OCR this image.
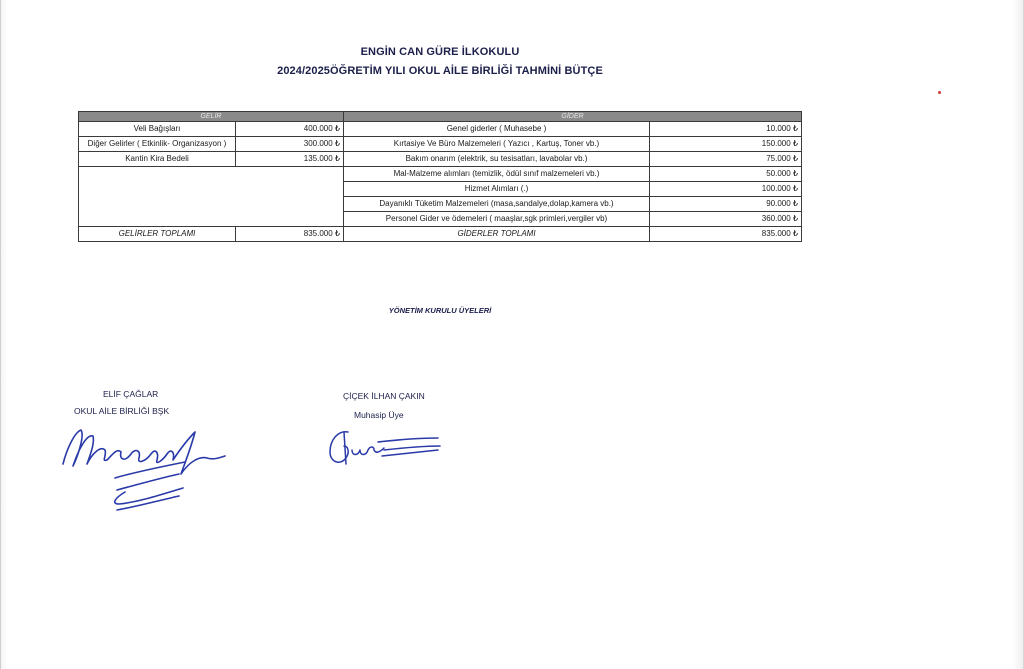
ENGİN CAN GÜRE İLKOKULU
2024/2025ÖĞRETİM YILI OKUL AİLE BİRLİĞİ TAHMİNİ BÜTÇE
GELİR		GİDER	
Veli Bağışları	400.000 ₺	Genel giderler ( Muhasebe )	10.000 ₺
Diğer Gelirler ( Etkinlik- Organizasyon )	300.000 ₺	Kırtasiye Ve Büro Malzemeleri ( Yazıcı , Kartuş, Toner vb.)	150.000 ₺
Kantin Kira Bedeli	135.000 ₺	Bakım onarım (elektrik, su tesisatları, lavabolar vb.)	75.000 ₺
		Mal-Malzeme alımları (temizlik, ödül sınıf malzemeleri vb.)	50.000 ₺
		Hizmet Alımları (.)	100.000 ₺
		Dayanıklı Tüketim Malzemeleri (masa,sandalye,dolap,kamera vb.)	90.000 ₺
		Personel Gider ve ödemeleri ( maaşlar,sgk primleri,vergiler vb)	360.000 ₺
GELİRLER TOPLAMI	835.000 ₺	GİDERLER TOPLAMI	835.000 ₺
YÖNETİM KURULU ÜYELERİ
ELİF ÇAĞLAR
OKUL AİLE BİRLİĞİ BŞK
ÇİÇEK İLHAN ÇAKIN
Muhasip Üye
